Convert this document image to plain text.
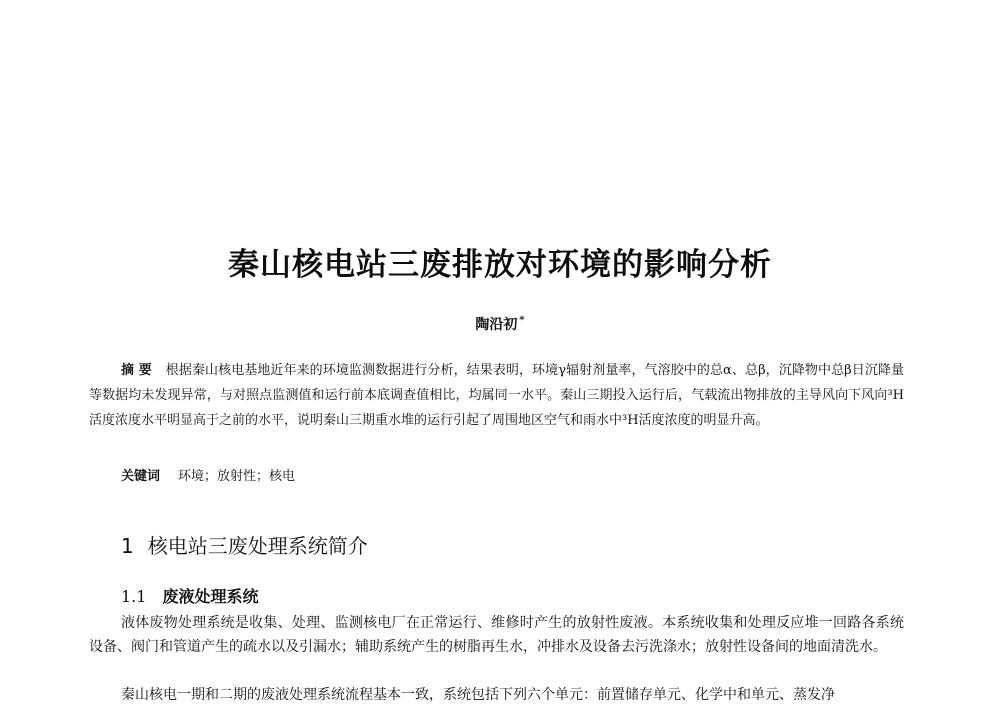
秦山核电站三废排放对环境的影响分析
陶沿初 *

摘 要 根据秦山核电基地近年来的环境监测数据进行分析，结果表明，环境γ辐射剂量率，气溶胶中的总α、总β，沉降物中总β日沉降量等数据均未发现异常，与对照点监测值和运行前本底调查值相比，均属同一水平。秦山三期投入运行后，气载流出物排放的主导风向下风向³H活度浓度水平明显高于之前的水平，说明秦山三期重水堆的运行引起了周围地区空气和雨水中³H活度浓度的明显升高。

关键词 环境；放射性；核电

1 核电站三废处理系统简介
1.1 废液处理系统

液体废物处理系统是收集、处理、监测核电厂在正常运行、维修时产生的放射性废液。本系统收集和处理反应堆一回路各系统设备、阀门和管道产生的疏水以及引漏水；辅助系统产生的树脂再生水，冲排水及设备去污洗涤水；放射性设备间的地面清洗水。

秦山核电一期和二期的废液处理系统流程基本一致，系统包括下列六个单元：前置储存单元、化学中和单元、蒸发净
